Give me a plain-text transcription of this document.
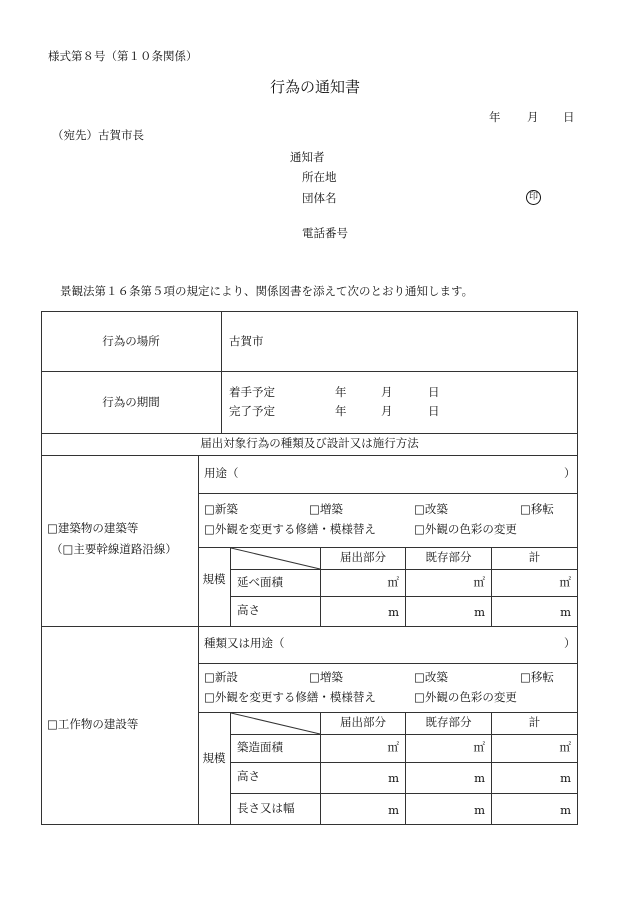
様式第８号（第１０条関係）
行為の通知書
年 月 日
（宛先）古賀市長
通知者
所在地
団体名	印
電話番号
景観法第１６条第５項の規定により、関係図書を添えて次のとおり通知します。
行為の場所	古賀市
行為の期間
着手予定	年	月	日
完了予定	年	月	日
届出対象行為の種類及び設計又は施行方法
□建築物の建築等
（□主要幹線道路沿線）
用途（	）
□新築	□増築	□改築	□移転
□外観を変更する修繕・模様替え	□外観の色彩の変更
規模
届出部分	既存部分	計
延べ面積	㎡	㎡	㎡
高さ	m	m	m
□工作物の建設等
種類又は用途（	）
□新設	□増築	□改築	□移転
□外観を変更する修繕・模様替え	□外観の色彩の変更
規模
届出部分	既存部分	計
築造面積	㎡	㎡	㎡
高さ	m	m	m
長さ又は幅	m	m	m
